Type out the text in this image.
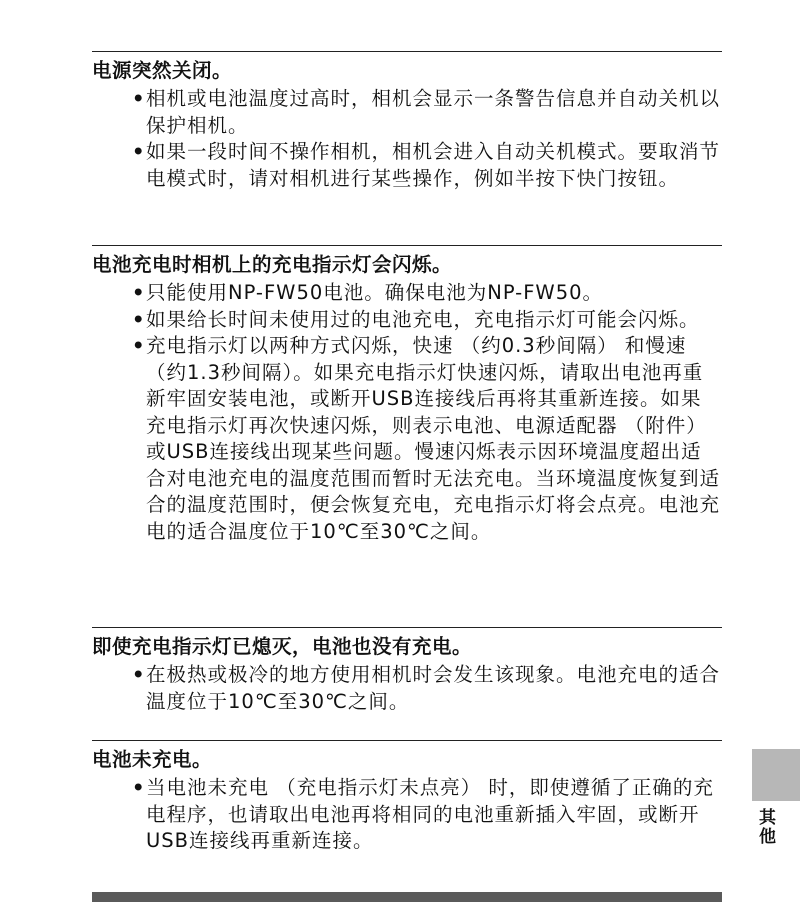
电源突然关闭。
• 相机或电池温度过高时，相机会显示一条警告信息并自动关机以保护相机。
• 如果一段时间不操作相机，相机会进入自动关机模式。要取消节电模式时，请对相机进行某些操作，例如半按下快门按钮。
电池充电时相机上的充电指示灯会闪烁。
• 只能使用NP-FW50电池。确保电池为NP-FW50。
• 如果给长时间未使用过的电池充电，充电指示灯可能会闪烁。
• 充电指示灯以两种方式闪烁，快速 （约0.3秒间隔） 和慢速 （约1.3秒间隔）。如果充电指示灯快速闪烁，请取出电池再重新牢固安装电池，或断开USB连接线后再将其重新连接。如果充电指示灯再次快速闪烁，则表示电池、电源适配器 （附件） 或USB连接线出现某些问题。慢速闪烁表示因环境温度超出适合对电池充电的温度范围而暂时无法充电。当环境温度恢复到适合的温度范围时，便会恢复充电，充电指示灯将会点亮。电池充电的适合温度位于10℃至30℃之间。
即使充电指示灯已熄灭，电池也没有充电。
• 在极热或极冷的地方使用相机时会发生该现象。电池充电的适合温度位于10℃至30℃之间。
电池未充电。
• 当电池未充电 （充电指示灯未点亮） 时，即使遵循了正确的充电程序，也请取出电池再将相同的电池重新插入牢固，或断开USB连接线再重新连接。	其他
